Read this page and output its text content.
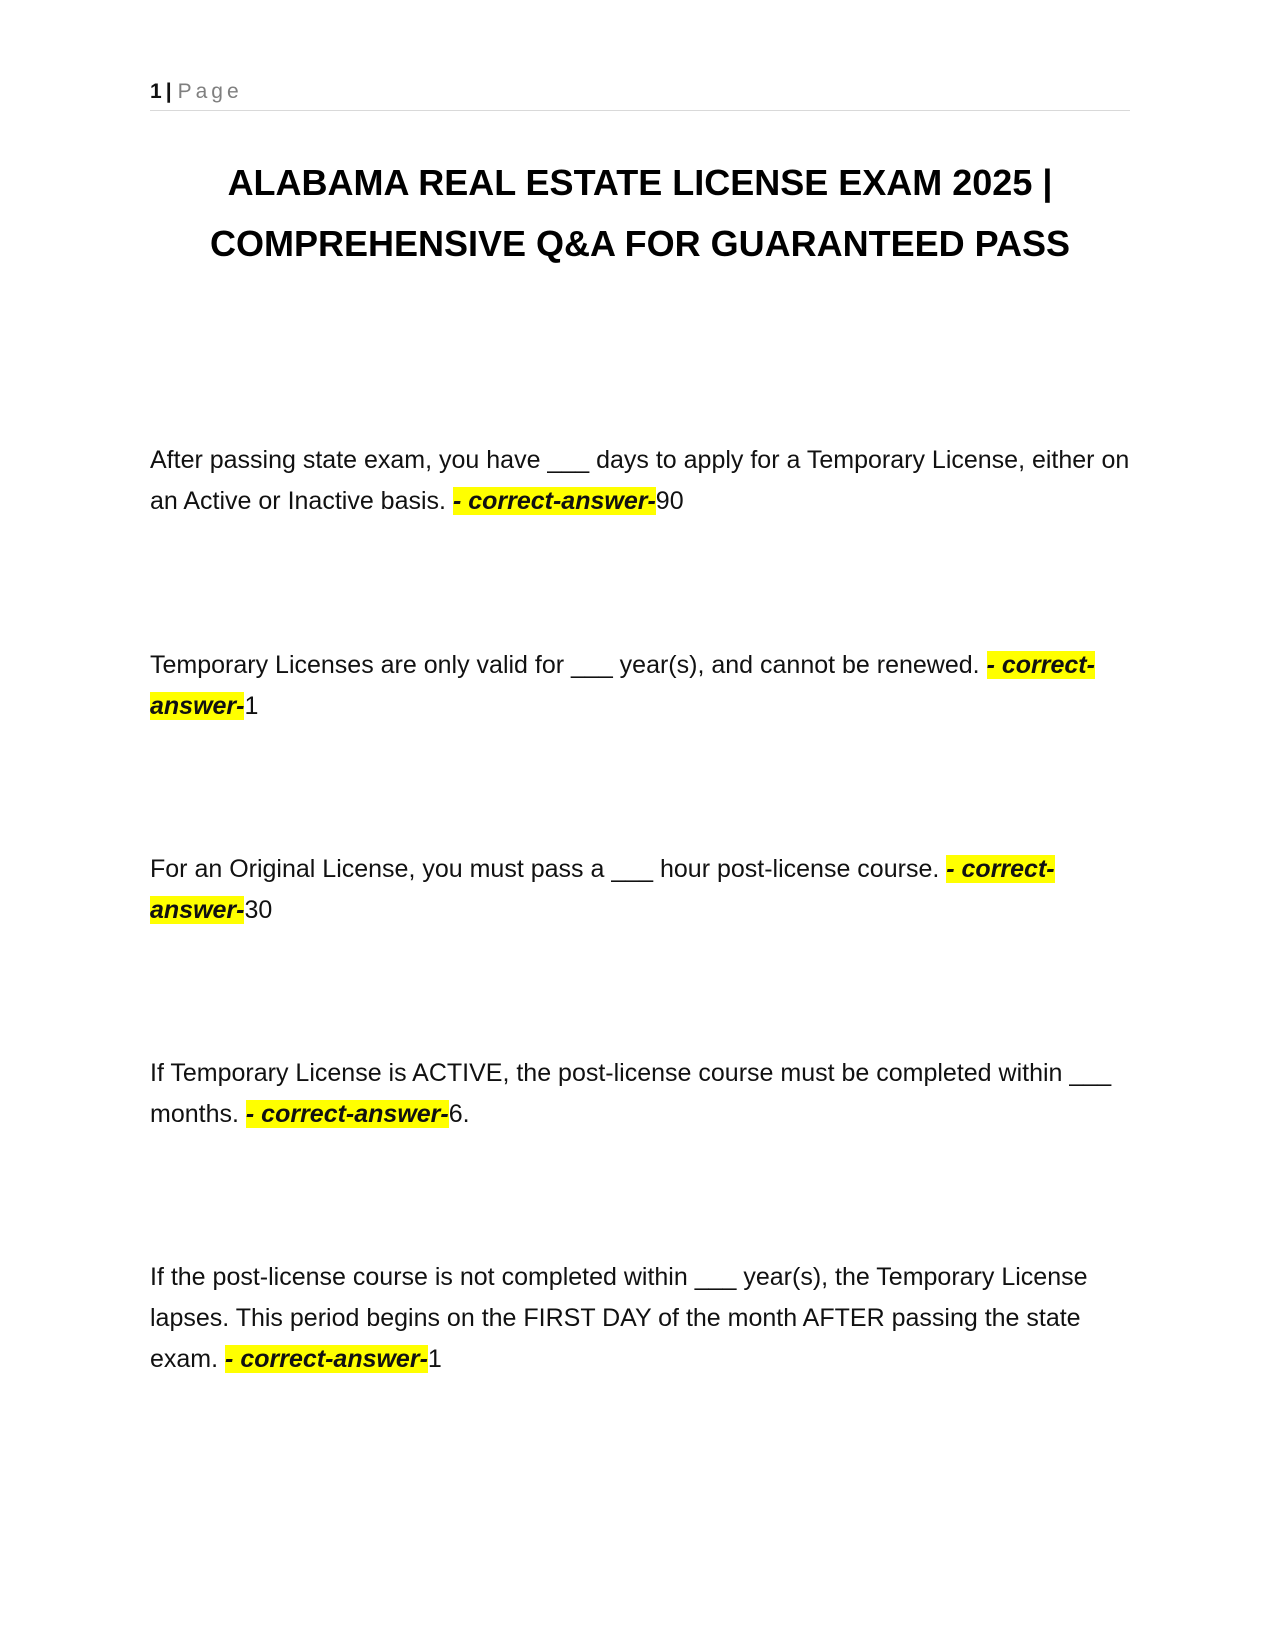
1 | Page
ALABAMA REAL ESTATE LICENSE EXAM 2025 | COMPREHENSIVE Q&A FOR GUARANTEED PASS

After passing state exam, you have ___ days to apply for a Temporary License, either on an Active or Inactive basis. - correct-answer-90

Temporary Licenses are only valid for ___ year(s), and cannot be renewed. - correct-answer-1

For an Original License, you must pass a ___ hour post-license course. - correct-answer-30

If Temporary License is ACTIVE, the post-license course must be completed within ___ months. - correct-answer-6.

If the post-license course is not completed within ___ year(s), the Temporary License lapses. This period begins on the FIRST DAY of the month AFTER passing the state exam. - correct-answer-1
